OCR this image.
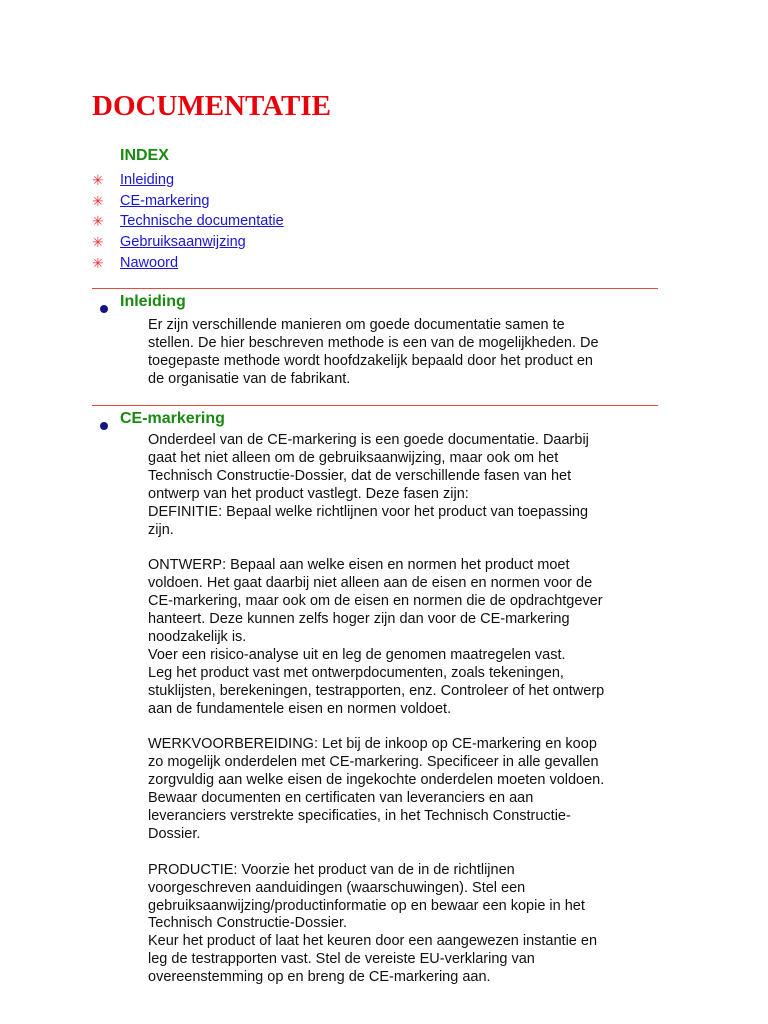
DOCUMENTATIE
INDEX
✳	Inleiding
✳	CE-markering
✳	Technische documentatie
✳	Gebruiksaanwijzing
✳	Nawoord
Inleiding

Er zijn verschillende manieren om goede documentatie samen te
stellen. De hier beschreven methode is een van de mogelijkheden. De
toegepaste methode wordt hoofdzakelijk bepaald door het product en
de organisatie van de fabrikant.

CE-markering

Onderdeel van de CE-markering is een goede documentatie. Daarbij
gaat het niet alleen om de gebruiksaanwijzing, maar ook om het
Technisch Constructie-Dossier, dat de verschillende fasen van het
ontwerp van het product vastlegt. Deze fasen zijn:
DEFINITIE: Bepaal welke richtlijnen voor het product van toepassing
zijn.

ONTWERP: Bepaal aan welke eisen en normen het product moet
voldoen. Het gaat daarbij niet alleen aan de eisen en normen voor de
CE-markering, maar ook om de eisen en normen die de opdrachtgever
hanteert. Deze kunnen zelfs hoger zijn dan voor de CE-markering
noodzakelijk is.
Voer een risico-analyse uit en leg de genomen maatregelen vast.
Leg het product vast met ontwerpdocumenten, zoals tekeningen,
stuklijsten, berekeningen, testrapporten, enz. Controleer of het ontwerp
aan de fundamentele eisen en normen voldoet.

WERKVOORBEREIDING: Let bij de inkoop op CE-markering en koop
zo mogelijk onderdelen met CE-markering. Specificeer in alle gevallen
zorgvuldig aan welke eisen de ingekochte onderdelen moeten voldoen.
Bewaar documenten en certificaten van leveranciers en aan
leveranciers verstrekte specificaties, in het Technisch Constructie-
Dossier.

PRODUCTIE: Voorzie het product van de in de richtlijnen
voorgeschreven aanduidingen (waarschuwingen). Stel een
gebruiksaanwijzing/productinformatie op en bewaar een kopie in het
Technisch Constructie-Dossier.
Keur het product of laat het keuren door een aangewezen instantie en
leg de testrapporten vast. Stel de vereiste EU-verklaring van
overeenstemming op en breng de CE-markering aan.
